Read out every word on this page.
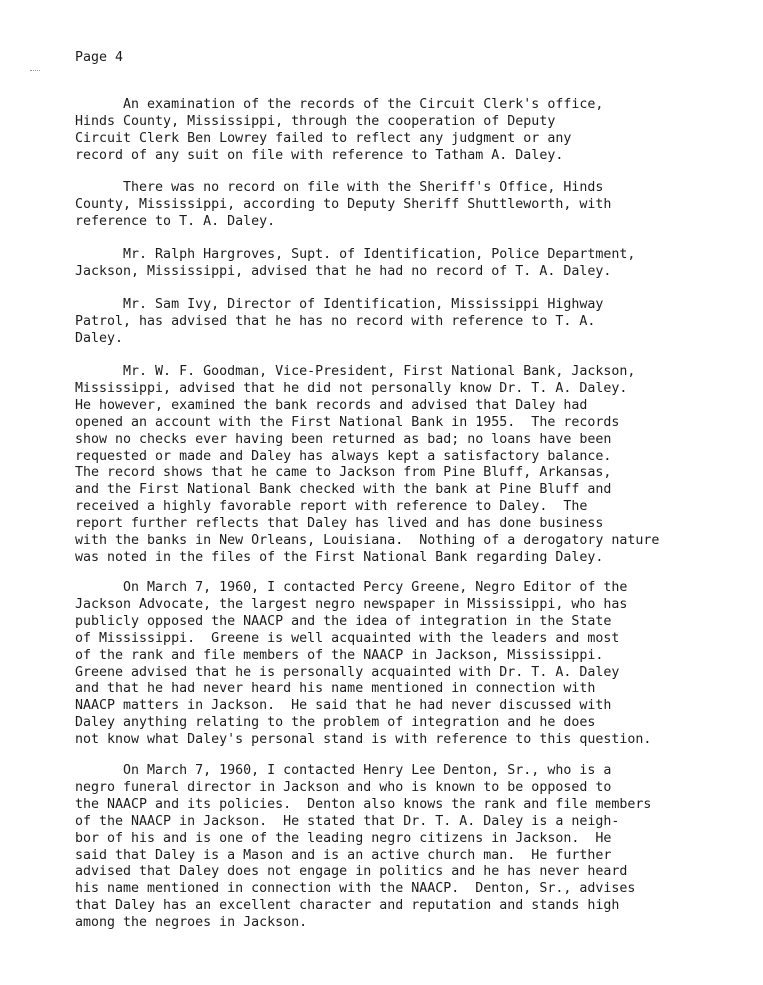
Page 4

An examination of the records of the Circuit Clerk's office,
Hinds County, Mississippi, through the cooperation of Deputy
Circuit Clerk Ben Lowrey failed to reflect any judgment or any
record of any suit on file with reference to Tatham A. Daley.

There was no record on file with the Sheriff's Office, Hinds
County, Mississippi, according to Deputy Sheriff Shuttleworth, with
reference to T. A. Daley.

Mr. Ralph Hargroves, Supt. of Identification, Police Department,
Jackson, Mississippi, advised that he had no record of T. A. Daley.

Mr. Sam Ivy, Director of Identification, Mississippi Highway
Patrol, has advised that he has no record with reference to T. A.
Daley.

Mr. W. F. Goodman, Vice-President, First National Bank, Jackson,
Mississippi, advised that he did not personally know Dr. T. A. Daley.
He however, examined the bank records and advised that Daley had
opened an account with the First National Bank in 1955.  The records
show no checks ever having been returned as bad; no loans have been
requested or made and Daley has always kept a satisfactory balance.
The record shows that he came to Jackson from Pine Bluff, Arkansas,
and the First National Bank checked with the bank at Pine Bluff and
received a highly favorable report with reference to Daley.  The
report further reflects that Daley has lived and has done business
with the banks in New Orleans, Louisiana.  Nothing of a derogatory nature
was noted in the files of the First National Bank regarding Daley.

On March 7, 1960, I contacted Percy Greene, Negro Editor of the
Jackson Advocate, the largest negro newspaper in Mississippi, who has
publicly opposed the NAACP and the idea of integration in the State
of Mississippi.  Greene is well acquainted with the leaders and most
of the rank and file members of the NAACP in Jackson, Mississippi.
Greene advised that he is personally acquainted with Dr. T. A. Daley
and that he had never heard his name mentioned in connection with
NAACP matters in Jackson.  He said that he had never discussed with
Daley anything relating to the problem of integration and he does
not know what Daley's personal stand is with reference to this question.

On March 7, 1960, I contacted Henry Lee Denton, Sr., who is a
negro funeral director in Jackson and who is known to be opposed to
the NAACP and its policies.  Denton also knows the rank and file members
of the NAACP in Jackson.  He stated that Dr. T. A. Daley is a neigh-
bor of his and is one of the leading negro citizens in Jackson.  He
said that Daley is a Mason and is an active church man.  He further
advised that Daley does not engage in politics and he has never heard
his name mentioned in connection with the NAACP.  Denton, Sr., advises
that Daley has an excellent character and reputation and stands high
among the negroes in Jackson.
